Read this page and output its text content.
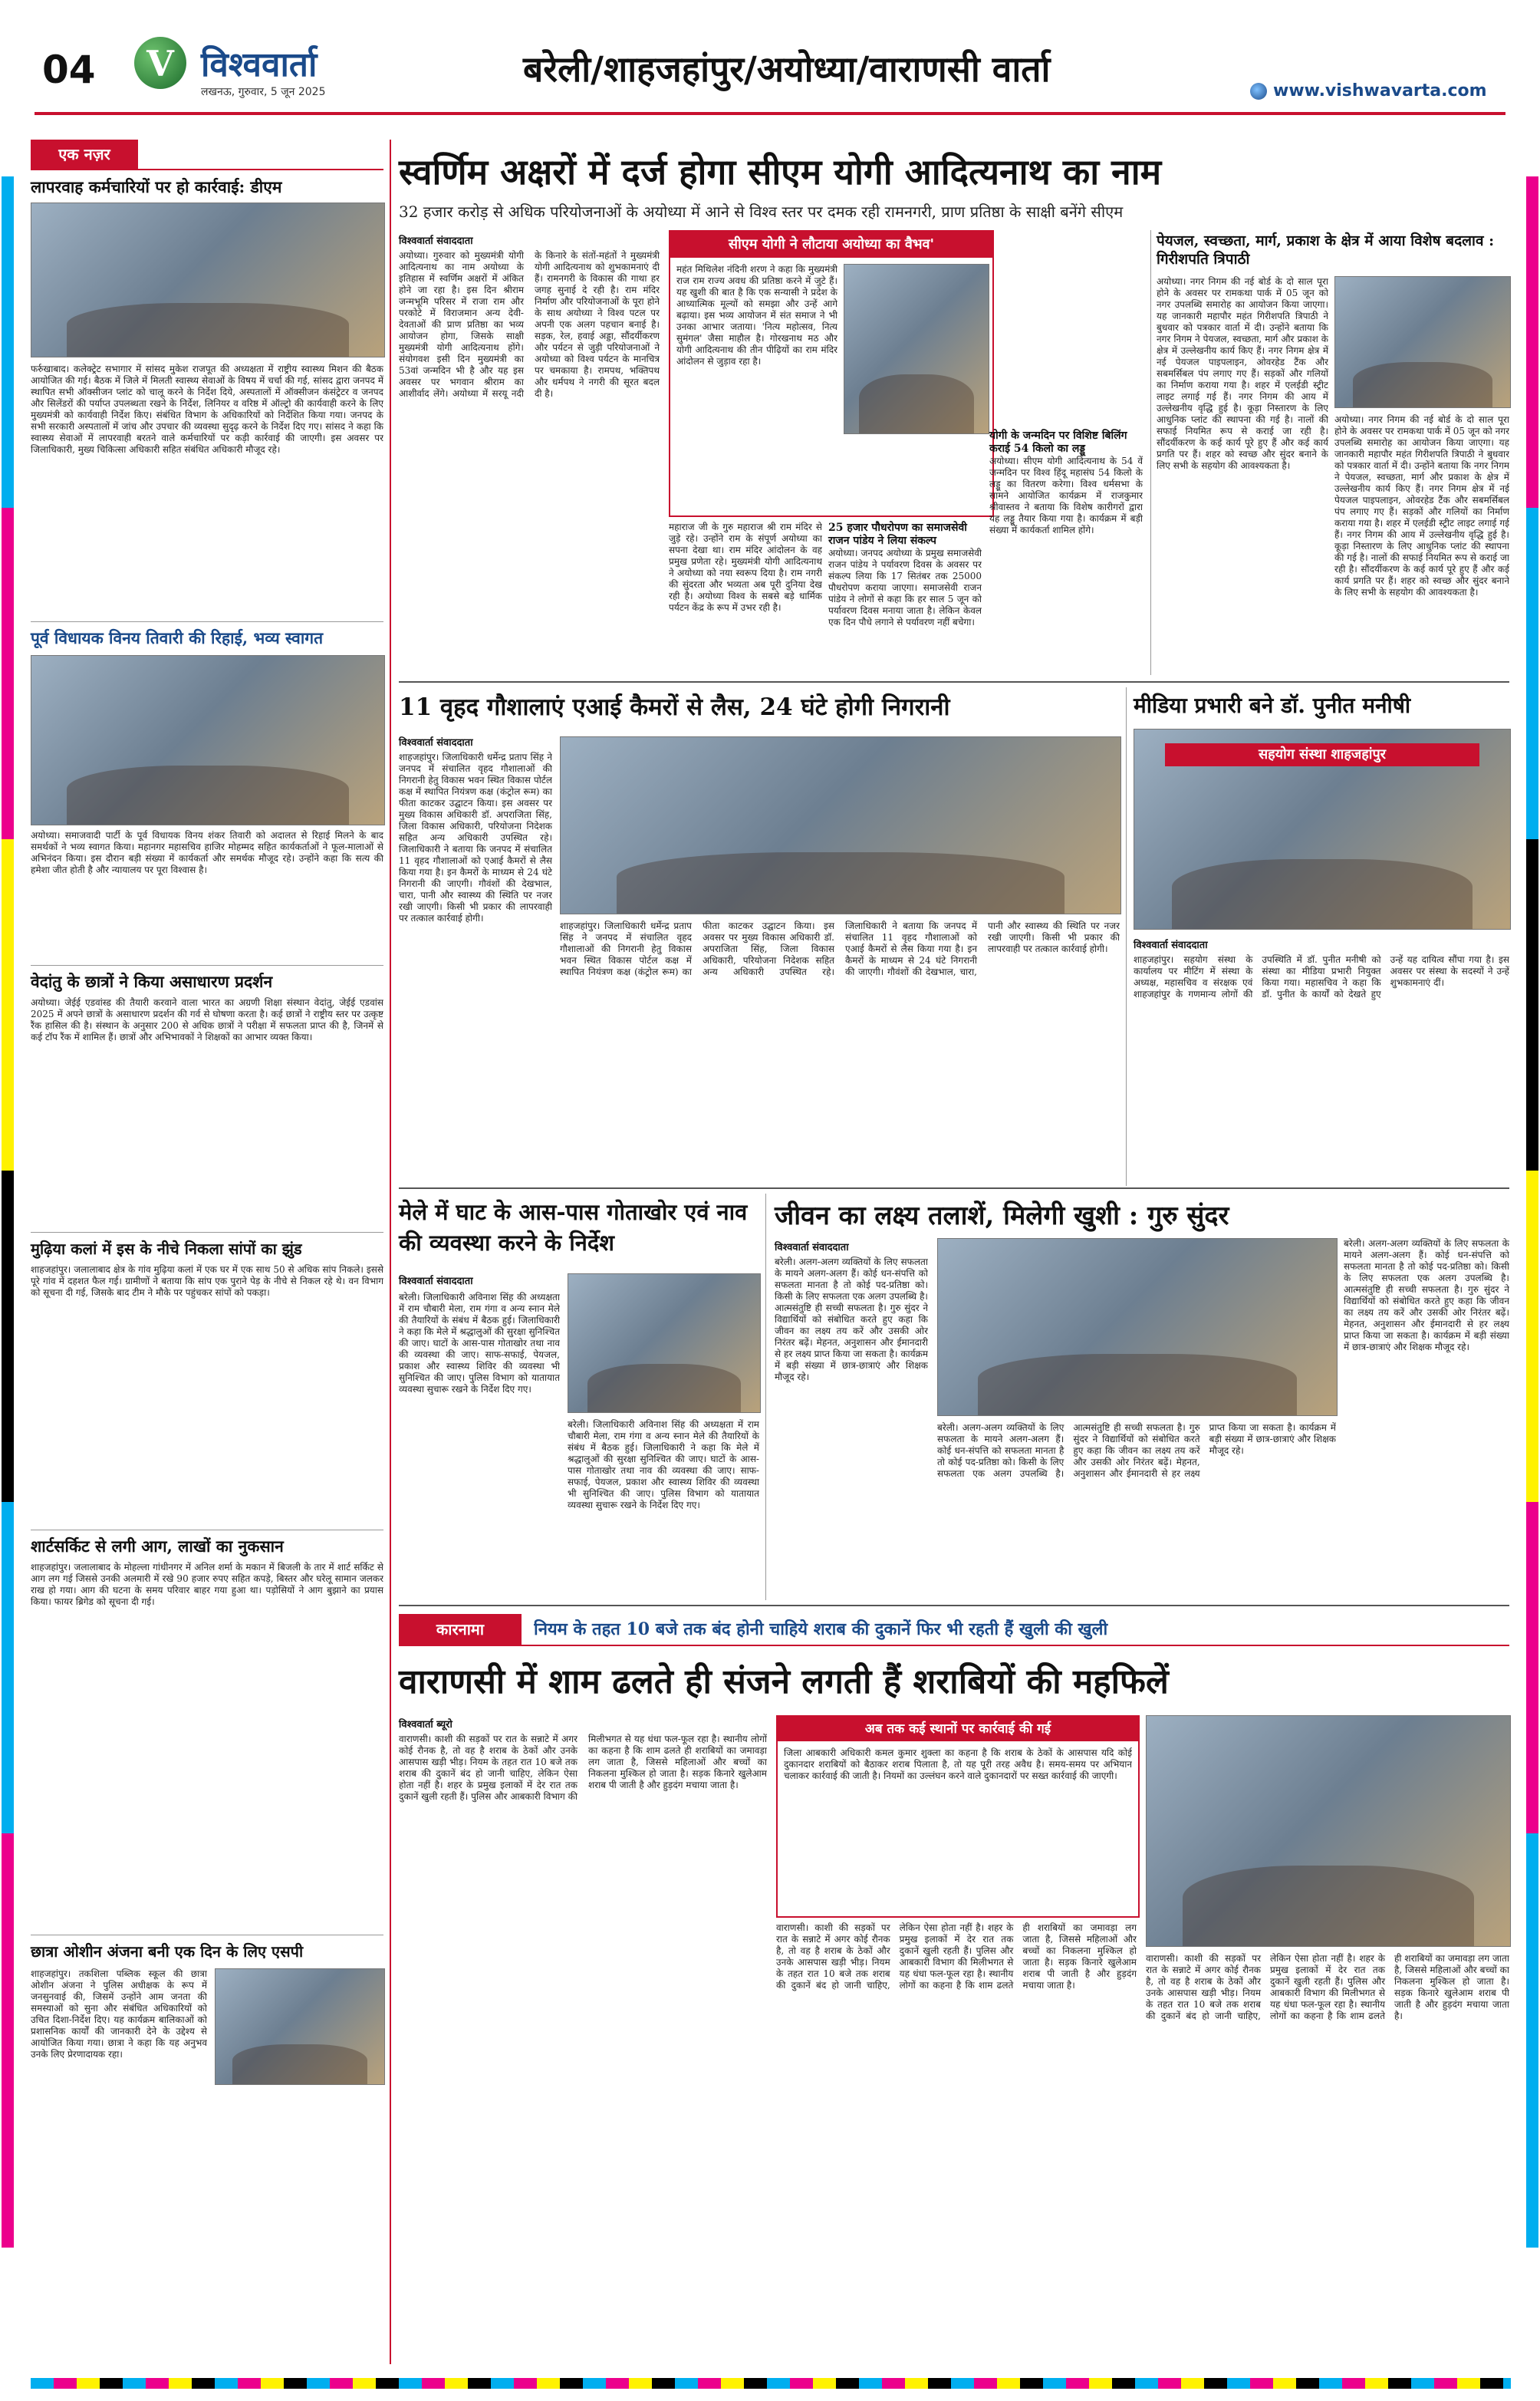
04	V विश्ववार्ता
लखनऊ, गुरुवार, 5 जून 2025
बरेली/शाहजहांपुर/अयोध्या/वाराणसी वार्ता
www.vishwavarta.com
एक नज़र
लापरवाह कर्मचारियों पर हो कार्रवाई: डीएम
फर्रुखाबाद। कलेक्ट्रेट सभागार में सांसद मुकेश राजपूत की अध्यक्षता में राष्ट्रीय स्वास्थ्य मिशन की बैठक आयोजित की गई। बैठक में जिले में मिलती स्वास्थ्य सेवाओं के विषय में चर्चा की गई, सांसद द्वारा जनपद में स्थापित सभी ऑक्सीजन प्लांट को चालू करने के निर्देश दिये, अस्पतालों में ऑक्सीजन कंसंट्रेटर व जनपद और सिलेंडरों की पर्याप्त उपलब्धता रखने के निर्देश, लिनियर व वरिष्ठ में ऑल्ट्रो की कार्यवाही करने के लिए मुख्यमंत्री को कार्यवाही निर्देश किए। संबंधित विभाग के अधिकारियों को निर्देशित किया गया। जनपद के सभी सरकारी अस्पतालों में जांच और उपचार की व्यवस्था सुदृढ़ करने के निर्देश दिए गए। सांसद ने कहा कि स्वास्थ्य सेवाओं में लापरवाही बरतने वाले कर्मचारियों पर कड़ी कार्रवाई की जाएगी। इस अवसर पर जिलाधिकारी, मुख्य चिकित्सा अधिकारी सहित संबंधित अधिकारी मौजूद रहे।
पूर्व विधायक विनय तिवारी की रिहाई, भव्य स्वागत
अयोध्या। समाजवादी पार्टी के पूर्व विधायक विनय शंकर तिवारी को अदालत से रिहाई मिलने के बाद समर्थकों ने भव्य स्वागत किया। महानगर महासचिव हाजिर मोहम्मद सहित कार्यकर्ताओं ने फूल-मालाओं से अभिनंदन किया। इस दौरान बड़ी संख्या में कार्यकर्ता और समर्थक मौजूद रहे। उन्होंने कहा कि सत्य की हमेशा जीत होती है और न्यायालय पर पूरा विश्वास है।
वेदांतु के छात्रों ने किया असाधारण प्रदर्शन
अयोध्या। जेईई एडवांस्ड की तैयारी करवाने वाला भारत का अग्रणी शिक्षा संस्थान वेदांतु, जेईई एडवांस 2025 में अपने छात्रों के असाधारण प्रदर्शन की गर्व से घोषणा करता है। कई छात्रों ने राष्ट्रीय स्तर पर उत्कृष्ट रैंक हासिल की है। संस्थान के अनुसार 200 से अधिक छात्रों ने परीक्षा में सफलता प्राप्त की है, जिनमें से कई टॉप रैंक में शामिल हैं। छात्रों और अभिभावकों ने शिक्षकों का आभार व्यक्त किया।
मुढ़िया कलां में इस के नीचे निकला सांपों का झुंड
शाहजहांपुर। जलालाबाद क्षेत्र के गांव मुढ़िया कलां में एक घर में एक साथ 50 से अधिक सांप निकले। इससे पूरे गांव में दहशत फैल गई। ग्रामीणों ने बताया कि सांप एक पुराने पेड़ के नीचे से निकल रहे थे। वन विभाग को सूचना दी गई, जिसके बाद टीम ने मौके पर पहुंचकर सांपों को पकड़ा।
शार्टसर्किट से लगी आग, लाखों का नुकसान
शाहजहांपुर। जलालाबाद के मोहल्ला गांधीनगर में अनिल शर्मा के मकान में बिजली के तार में शार्ट सर्किट से आग लग गई जिससे उनकी अलमारी में रखे 90 हजार रुपए सहित कपड़े, बिस्तर और घरेलू सामान जलकर राख हो गया। आग की घटना के समय परिवार बाहर गया हुआ था। पड़ोसियों ने आग बुझाने का प्रयास किया। फायर ब्रिगेड को सूचना दी गई।
छात्रा ओशीन अंजना बनी एक दिन के लिए एसपी
शाहजहांपुर। तकशिला पब्लिक स्कूल की छात्रा ओशीन अंजना ने पुलिस अधीक्षक के रूप में जनसुनवाई की, जिसमें उन्होंने आम जनता की समस्याओं को सुना और संबंधित अधिकारियों को उचित दिशा-निर्देश दिए। यह कार्यक्रम बालिकाओं को प्रशासनिक कार्यों की जानकारी देने के उद्देश्य से आयोजित किया गया। छात्रा ने कहा कि यह अनुभव उनके लिए प्रेरणादायक रहा।
स्वर्णिम अक्षरों में दर्ज होगा सीएम योगी आदित्यनाथ का नाम
32 हजार करोड़ से अधिक परियोजनाओं के अयोध्या में आने से विश्व स्तर पर दमक रही रामनगरी, प्राण प्रतिष्ठा के साक्षी बनेंगे सीएम
विश्ववार्ता संवाददाता
अयोध्या। गुरुवार को मुख्यमंत्री योगी आदित्यनाथ का नाम अयोध्या के इतिहास में स्वर्णिम अक्षरों में अंकित होने जा रहा है। इस दिन श्रीराम जन्मभूमि परिसर में राजा राम और परकोटे में विराजमान अन्य देवी-देवताओं की प्राण प्रतिष्ठा का भव्य आयोजन होगा, जिसके साक्षी मुख्यमंत्री योगी आदित्यनाथ होंगे। संयोगवश इसी दिन मुख्यमंत्री का 53वां जन्मदिन भी है और यह इस अवसर पर भगवान श्रीराम का आशीर्वाद लेंगे। अयोध्या में सरयू नदी के किनारे के संतों-महंतों ने मुख्यमंत्री योगी आदित्यनाथ को शुभकामनाएं दी हैं। रामनगरी के विकास की गाथा हर जगह सुनाई दे रही है। राम मंदिर निर्माण और परियोजनाओं के पूरा होने के साथ अयोध्या ने विश्व पटल पर अपनी एक अलग पहचान बनाई है। सड़क, रेल, हवाई अड्डा, सौंदर्यीकरण और पर्यटन से जुड़ी परियोजनाओं ने अयोध्या को विश्व पर्यटन के मानचित्र पर चमकाया है। रामपथ, भक्तिपथ और धर्मपथ ने नगरी की सूरत बदल दी है।
सीएम योगी ने लौटाया अयोध्या का वैभव'
महंत मिथिलेश नंदिनी शरण ने कहा कि मुख्यमंत्री राज राम राज्य अवध की प्रतिष्ठा करने में जुटे हैं। यह खुशी की बात है कि एक सन्यासी ने प्रदेश के आध्यात्मिक मूल्यों को समझा और उन्हें आगे बढ़ाया। इस भव्य आयोजन में संत समाज ने भी उनका आभार जताया। 'नित्य महोत्सव, नित्य सुमंगल' जैसा माहौल है। गोरखनाथ मठ और योगी आदित्यनाथ की तीन पीढ़ियों का राम मंदिर आंदोलन से जुड़ाव रहा है।
महाराज जी के गुरु महाराज श्री राम मंदिर से जुड़े रहे। उन्होंने राम के संपूर्ण अयोध्या का सपना देखा था। राम मंदिर आंदोलन के वह प्रमुख प्रणेता रहे। मुख्यमंत्री योगी आदित्यनाथ ने अयोध्या को नया स्वरूप दिया है। राम नगरी की सुंदरता और भव्यता अब पूरी दुनिया देख रही है। अयोध्या विश्व के सबसे बड़े धार्मिक पर्यटन केंद्र के रूप में उभर रही है।
25 हजार पौधरोपण का समाजसेवी राजन पांडेय ने लिया संकल्प
अयोध्या। जनपद अयोध्या के प्रमुख समाजसेवी राजन पांडेय ने पर्यावरण दिवस के अवसर पर संकल्प लिया कि 17 सितंबर तक 25000 पौधरोपण कराया जाएगा। समाजसेवी राजन पांडेय ने लोगों से कहा कि हर साल 5 जून को पर्यावरण दिवस मनाया जाता है। लेकिन केवल एक दिन पौधे लगाने से पर्यावरण नहीं बचेगा।
योगी के जन्मदिन पर विशिष्ट बिलिंग कराई 54 किलो का लड्डू
अयोध्या। सीएम योगी आदित्यनाथ के 54 वें जन्मदिन पर विश्व हिंदू महासंघ 54 किलो के लड्डू का वितरण करेगा। विश्व धर्मसभा के सामने आयोजित कार्यक्रम में राजकुमार श्रीवास्तव ने बताया कि विशेष कारीगरों द्वारा यह लड्डू तैयार किया गया है। कार्यक्रम में बड़ी संख्या में कार्यकर्ता शामिल होंगे।
पेयजल, स्वच्छता, मार्ग, प्रकाश के क्षेत्र में आया विशेष बदलाव : गिरीशपति त्रिपाठी
अयोध्या। नगर निगम की नई बोर्ड के दो साल पूरा होने के अवसर पर रामकथा पार्क में 05 जून को नगर उपलब्धि समारोह का आयोजन किया जाएगा। यह जानकारी महापौर महंत गिरीशपति त्रिपाठी ने बुधवार को पत्रकार वार्ता में दी। उन्होंने बताया कि नगर निगम ने पेयजल, स्वच्छता, मार्ग और प्रकाश के क्षेत्र में उल्लेखनीय कार्य किए हैं। नगर निगम क्षेत्र में नई पेयजल पाइपलाइन, ओवरहेड टैंक और सबमर्सिबल पंप लगाए गए हैं। सड़कों और गलियों का निर्माण कराया गया है। शहर में एलईडी स्ट्रीट लाइट लगाई गई हैं। नगर निगम की आय में उल्लेखनीय वृद्धि हुई है। कूड़ा निस्तारण के लिए आधुनिक प्लांट की स्थापना की गई है। नालों की सफाई नियमित रूप से कराई जा रही है। सौंदर्यीकरण के कई कार्य पूरे हुए हैं और कई कार्य प्रगति पर हैं। शहर को स्वच्छ और सुंदर बनाने के लिए सभी के सहयोग की आवश्यकता है।
अयोध्या। नगर निगम की नई बोर्ड के दो साल पूरा होने के अवसर पर रामकथा पार्क में 05 जून को नगर उपलब्धि समारोह का आयोजन किया जाएगा। यह जानकारी महापौर महंत गिरीशपति त्रिपाठी ने बुधवार को पत्रकार वार्ता में दी। उन्होंने बताया कि नगर निगम ने पेयजल, स्वच्छता, मार्ग और प्रकाश के क्षेत्र में उल्लेखनीय कार्य किए हैं। नगर निगम क्षेत्र में नई पेयजल पाइपलाइन, ओवरहेड टैंक और सबमर्सिबल पंप लगाए गए हैं। सड़कों और गलियों का निर्माण कराया गया है। शहर में एलईडी स्ट्रीट लाइट लगाई गई हैं। नगर निगम की आय में उल्लेखनीय वृद्धि हुई है। कूड़ा निस्तारण के लिए आधुनिक प्लांट की स्थापना की गई है। नालों की सफाई नियमित रूप से कराई जा रही है। सौंदर्यीकरण के कई कार्य पूरे हुए हैं और कई कार्य प्रगति पर हैं। शहर को स्वच्छ और सुंदर बनाने के लिए सभी के सहयोग की आवश्यकता है।
11 वृहद गौशालाएं एआई कैमरों से लैस, 24 घंटे होगी निगरानी
विश्ववार्ता संवाददाता
शाहजहांपुर। जिलाधिकारी धर्मेन्द्र प्रताप सिंह ने जनपद में संचालित वृहद गौशालाओं की निगरानी हेतु विकास भवन स्थित विकास पोर्टल कक्ष में स्थापित नियंत्रण कक्ष (कंट्रोल रूम) का फीता काटकर उद्घाटन किया। इस अवसर पर मुख्य विकास अधिकारी डॉ. अपराजिता सिंह, जिला विकास अधिकारी, परियोजना निदेशक सहित अन्य अधिकारी उपस्थित रहे। जिलाधिकारी ने बताया कि जनपद में संचालित 11 वृहद गौशालाओं को एआई कैमरों से लैस किया गया है। इन कैमरों के माध्यम से 24 घंटे निगरानी की जाएगी। गौवंशों की देखभाल, चारा, पानी और स्वास्थ्य की स्थिति पर नजर रखी जाएगी। किसी भी प्रकार की लापरवाही पर तत्काल कार्रवाई होगी।
शाहजहांपुर। जिलाधिकारी धर्मेन्द्र प्रताप सिंह ने जनपद में संचालित वृहद गौशालाओं की निगरानी हेतु विकास भवन स्थित विकास पोर्टल कक्ष में स्थापित नियंत्रण कक्ष (कंट्रोल रूम) का फीता काटकर उद्घाटन किया। इस अवसर पर मुख्य विकास अधिकारी डॉ. अपराजिता सिंह, जिला विकास अधिकारी, परियोजना निदेशक सहित अन्य अधिकारी उपस्थित रहे। जिलाधिकारी ने बताया कि जनपद में संचालित 11 वृहद गौशालाओं को एआई कैमरों से लैस किया गया है। इन कैमरों के माध्यम से 24 घंटे निगरानी की जाएगी। गौवंशों की देखभाल, चारा, पानी और स्वास्थ्य की स्थिति पर नजर रखी जाएगी। किसी भी प्रकार की लापरवाही पर तत्काल कार्रवाई होगी।
मीडिया प्रभारी बने डॉ. पुनीत मनीषी
सहयोग संस्था शाहजहांपुर
विश्ववार्ता संवाददाता
शाहजहांपुर। सहयोग संस्था के कार्यालय पर मीटिंग में संस्था के अध्यक्ष, महासचिव व संरक्षक एवं शाहजहांपुर के गणमान्य लोगों की उपस्थिति में डॉ. पुनीत मनीषी को संस्था का मीडिया प्रभारी नियुक्त किया गया। महासचिव ने कहा कि डॉ. पुनीत के कार्यों को देखते हुए उन्हें यह दायित्व सौंपा गया है। इस अवसर पर संस्था के सदस्यों ने उन्हें शुभकामनाएं दीं।
मेले में घाट के आस-पास गोताखोर एवं नाव की व्यवस्था करने के निर्देश
विश्ववार्ता संवाददाता
बरेली। जिलाधिकारी अविनाश सिंह की अध्यक्षता में राम चौबारी मेला, राम गंगा व अन्य स्नान मेले की तैयारियों के संबंध में बैठक हुई। जिलाधिकारी ने कहा कि मेले में श्रद्धालुओं की सुरक्षा सुनिश्चित की जाए। घाटों के आस-पास गोताखोर तथा नाव की व्यवस्था की जाए। साफ-सफाई, पेयजल, प्रकाश और स्वास्थ्य शिविर की व्यवस्था भी सुनिश्चित की जाए। पुलिस विभाग को यातायात व्यवस्था सुचारू रखने के निर्देश दिए गए।
बरेली। जिलाधिकारी अविनाश सिंह की अध्यक्षता में राम चौबारी मेला, राम गंगा व अन्य स्नान मेले की तैयारियों के संबंध में बैठक हुई। जिलाधिकारी ने कहा कि मेले में श्रद्धालुओं की सुरक्षा सुनिश्चित की जाए। घाटों के आस-पास गोताखोर तथा नाव की व्यवस्था की जाए। साफ-सफाई, पेयजल, प्रकाश और स्वास्थ्य शिविर की व्यवस्था भी सुनिश्चित की जाए। पुलिस विभाग को यातायात व्यवस्था सुचारू रखने के निर्देश दिए गए।
जीवन का लक्ष्य तलाशें, मिलेगी खुशी : गुरु सुंदर
विश्ववार्ता संवाददाता
बरेली। अलग-अलग व्यक्तियों के लिए सफलता के मायने अलग-अलग हैं। कोई धन-संपत्ति को सफलता मानता है तो कोई पद-प्रतिष्ठा को। किसी के लिए सफलता एक अलग उपलब्धि है। आत्मसंतुष्टि ही सच्ची सफलता है। गुरु सुंदर ने विद्यार्थियों को संबोधित करते हुए कहा कि जीवन का लक्ष्य तय करें और उसकी ओर निरंतर बढ़ें। मेहनत, अनुशासन और ईमानदारी से हर लक्ष्य प्राप्त किया जा सकता है। कार्यक्रम में बड़ी संख्या में छात्र-छात्राएं और शिक्षक मौजूद रहे।
बरेली। अलग-अलग व्यक्तियों के लिए सफलता के मायने अलग-अलग हैं। कोई धन-संपत्ति को सफलता मानता है तो कोई पद-प्रतिष्ठा को। किसी के लिए सफलता एक अलग उपलब्धि है। आत्मसंतुष्टि ही सच्ची सफलता है। गुरु सुंदर ने विद्यार्थियों को संबोधित करते हुए कहा कि जीवन का लक्ष्य तय करें और उसकी ओर निरंतर बढ़ें। मेहनत, अनुशासन और ईमानदारी से हर लक्ष्य प्राप्त किया जा सकता है। कार्यक्रम में बड़ी संख्या में छात्र-छात्राएं और शिक्षक मौजूद रहे।
बरेली। अलग-अलग व्यक्तियों के लिए सफलता के मायने अलग-अलग हैं। कोई धन-संपत्ति को सफलता मानता है तो कोई पद-प्रतिष्ठा को। किसी के लिए सफलता एक अलग उपलब्धि है। आत्मसंतुष्टि ही सच्ची सफलता है। गुरु सुंदर ने विद्यार्थियों को संबोधित करते हुए कहा कि जीवन का लक्ष्य तय करें और उसकी ओर निरंतर बढ़ें। मेहनत, अनुशासन और ईमानदारी से हर लक्ष्य प्राप्त किया जा सकता है। कार्यक्रम में बड़ी संख्या में छात्र-छात्राएं और शिक्षक मौजूद रहे।
कारनामा	नियम के तहत 10 बजे तक बंद होनी चाहिये शराब की दुकानें फिर भी रहती हैं खुली की खुली
वाराणसी में शाम ढलते ही संजने लगती हैं शराबियों की महफिलें
विश्ववार्ता ब्यूरो
वाराणसी। काशी की सड़कों पर रात के सन्नाटे में अगर कोई रौनक है, तो वह है शराब के ठेकों और उनके आसपास खड़ी भीड़। नियम के तहत रात 10 बजे तक शराब की दुकानें बंद हो जानी चाहिए, लेकिन ऐसा होता नहीं है। शहर के प्रमुख इलाकों में देर रात तक दुकानें खुली रहती हैं। पुलिस और आबकारी विभाग की मिलीभगत से यह धंधा फल-फूल रहा है। स्थानीय लोगों का कहना है कि शाम ढलते ही शराबियों का जमावड़ा लग जाता है, जिससे महिलाओं और बच्चों का निकलना मुश्किल हो जाता है। सड़क किनारे खुलेआम शराब पी जाती है और हुड़दंग मचाया जाता है।
अब तक कई स्थानों पर कार्रवाई की गई
जिला आबकारी अधिकारी कमल कुमार शुक्ला का कहना है कि शराब के ठेकों के आसपास यदि कोई दुकानदार शराबियों को बैठाकर शराब पिलाता है, तो यह पूरी तरह अवैध है। समय-समय पर अभियान चलाकर कार्रवाई की जाती है। नियमों का उल्लंघन करने वाले दुकानदारों पर सख्त कार्रवाई की जाएगी।
वाराणसी। काशी की सड़कों पर रात के सन्नाटे में अगर कोई रौनक है, तो वह है शराब के ठेकों और उनके आसपास खड़ी भीड़। नियम के तहत रात 10 बजे तक शराब की दुकानें बंद हो जानी चाहिए, लेकिन ऐसा होता नहीं है। शहर के प्रमुख इलाकों में देर रात तक दुकानें खुली रहती हैं। पुलिस और आबकारी विभाग की मिलीभगत से यह धंधा फल-फूल रहा है। स्थानीय लोगों का कहना है कि शाम ढलते ही शराबियों का जमावड़ा लग जाता है, जिससे महिलाओं और बच्चों का निकलना मुश्किल हो जाता है। सड़क किनारे खुलेआम शराब पी जाती है और हुड़दंग मचाया जाता है।
वाराणसी। काशी की सड़कों पर रात के सन्नाटे में अगर कोई रौनक है, तो वह है शराब के ठेकों और उनके आसपास खड़ी भीड़। नियम के तहत रात 10 बजे तक शराब की दुकानें बंद हो जानी चाहिए, लेकिन ऐसा होता नहीं है। शहर के प्रमुख इलाकों में देर रात तक दुकानें खुली रहती हैं। पुलिस और आबकारी विभाग की मिलीभगत से यह धंधा फल-फूल रहा है। स्थानीय लोगों का कहना है कि शाम ढलते ही शराबियों का जमावड़ा लग जाता है, जिससे महिलाओं और बच्चों का निकलना मुश्किल हो जाता है। सड़क किनारे खुलेआम शराब पी जाती है और हुड़दंग मचाया जाता है।
